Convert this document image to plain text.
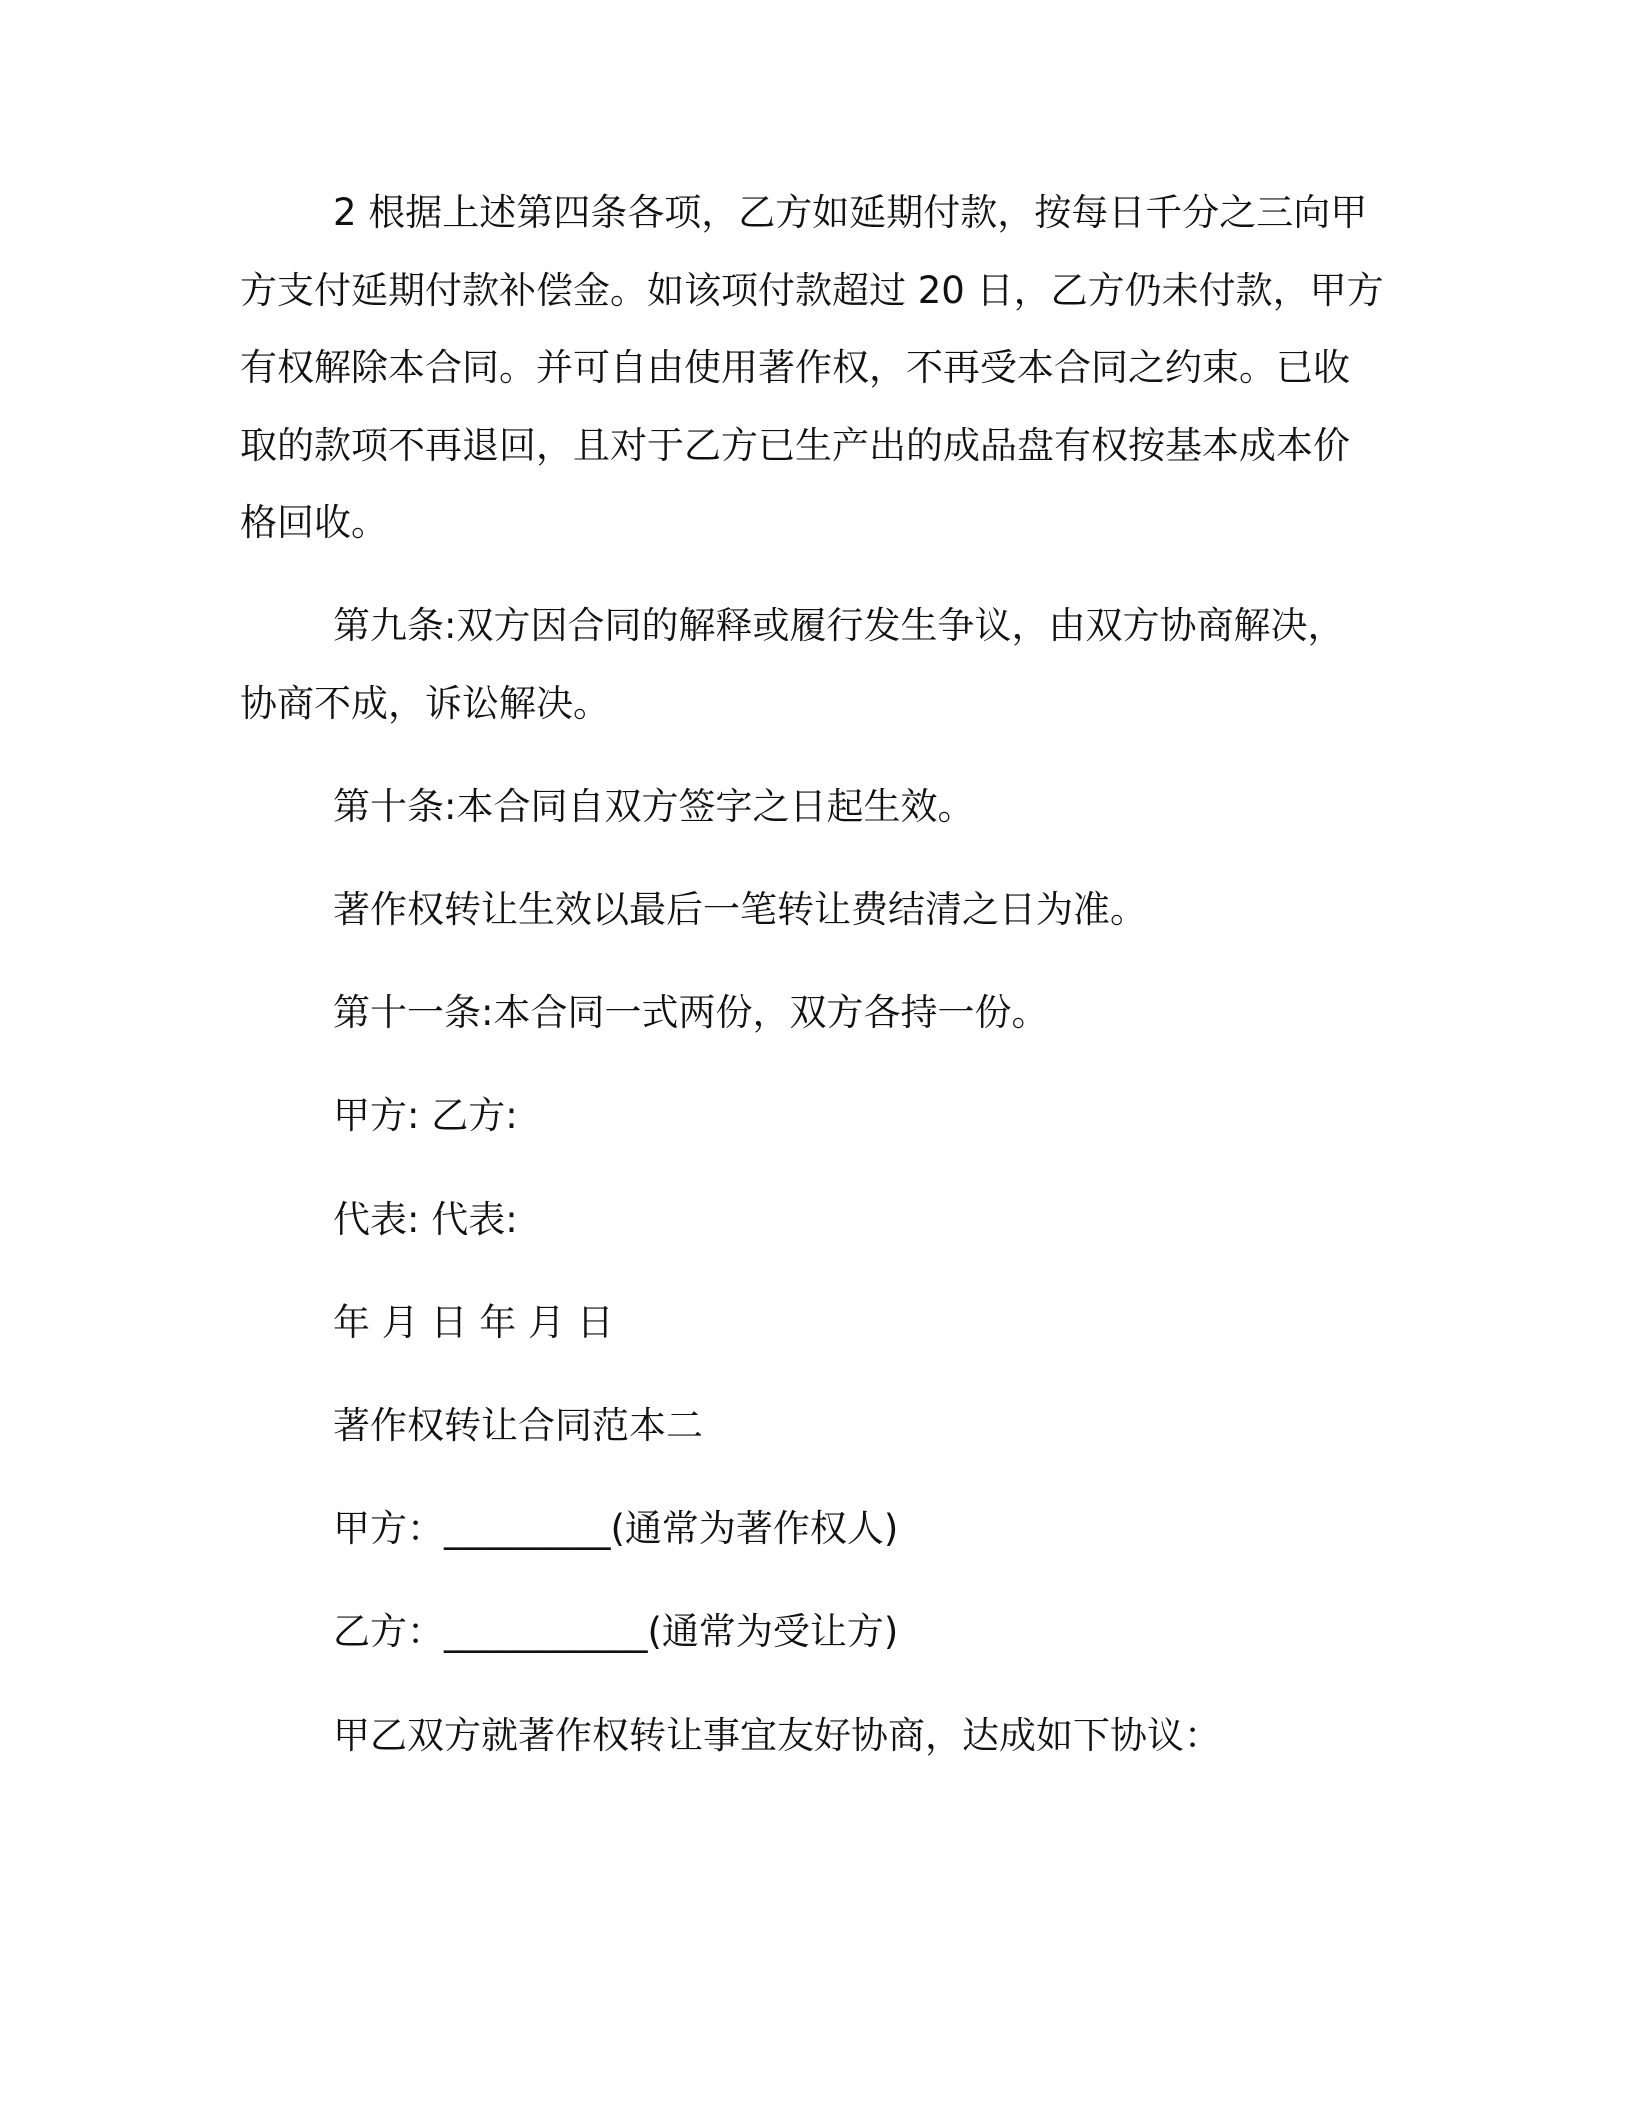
2 根据上述第四条各项，乙方如延期付款，按每日千分之三向甲
方支付延期付款补偿金。如该项付款超过 20 日，乙方仍未付款，甲方
有权解除本合同。并可自由使用著作权，不再受本合同之约束。已收
取的款项不再退回，且对于乙方已生产出的成品盘有权按基本成本价
格回收。
第九条:双方因合同的解释或履行发生争议，由双方协商解决，
协商不成，诉讼解决。
第十条:本合同自双方签字之日起生效。
著作权转让生效以最后一笔转让费结清之日为准。
第十一条:本合同一式两份，双方各持一份。
甲方: 乙方:
代表: 代表:
年 月 日 年 月 日
著作权转让合同范本二
甲方：_________(通常为著作权人)
乙方：___________(通常为受让方)
甲乙双方就著作权转让事宜友好协商，达成如下协议：
